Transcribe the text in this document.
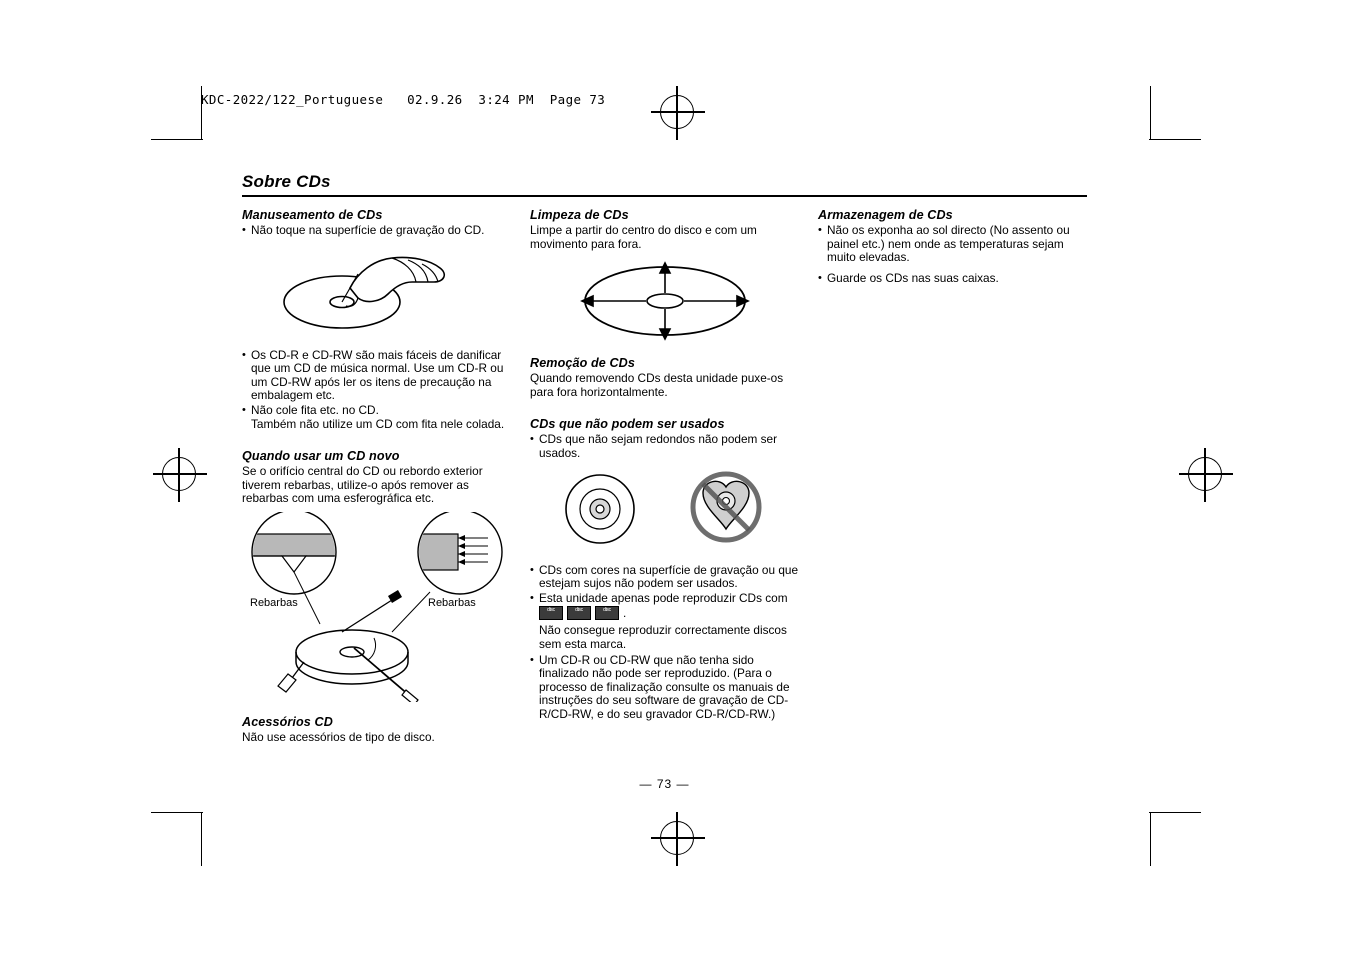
KDC-2022/122_Portuguese   02.9.26  3:24 PM  Page 73
Sobre CDs
Manuseamento de CDs
• Não toque na superfície de gravação do CD.
• Os CD-R e CD-RW são mais fáceis de danificar que um CD de música normal. Use um CD-R ou um CD-RW após ler os itens de precaução na embalagem etc.
• Não cole fita etc. no CD.
Também não utilize um CD com fita nele colada.
Quando usar um CD novo

Se o orifício central do CD ou rebordo exterior tiverem rebarbas, utilize-o após remover as rebarbas com uma esferográfica etc.

Rebarbas	Rebarbas
Acessórios CD

Não use acessórios de tipo de disco.

Limpeza de CDs

Limpe a partir do centro do disco e com um movimento para fora.

Remoção de CDs

Quando removendo CDs desta unidade puxe-os para fora horizontalmente.

CDs que não podem ser usados
• CDs que não sejam redondos não podem ser usados.
• CDs com cores na superfície de gravação ou que estejam sujos não podem ser usados.
• Esta unidade apenas pode reproduzir CDs com
disc	disc	disc	.
Não consegue reproduzir correctamente discos sem esta marca.
• Um CD-R ou CD-RW que não tenha sido finalizado não pode ser reproduzido. (Para o processo de finalização consulte os manuais de instruções do seu software de gravação de CD-R/CD-RW, e do seu gravador CD-R/CD-RW.)
Armazenagem de CDs
• Não os exponha ao sol directo (No assento ou painel etc.) nem onde as temperaturas sejam muito elevadas.
• Guarde os CDs nas suas caixas.
— 73 —
